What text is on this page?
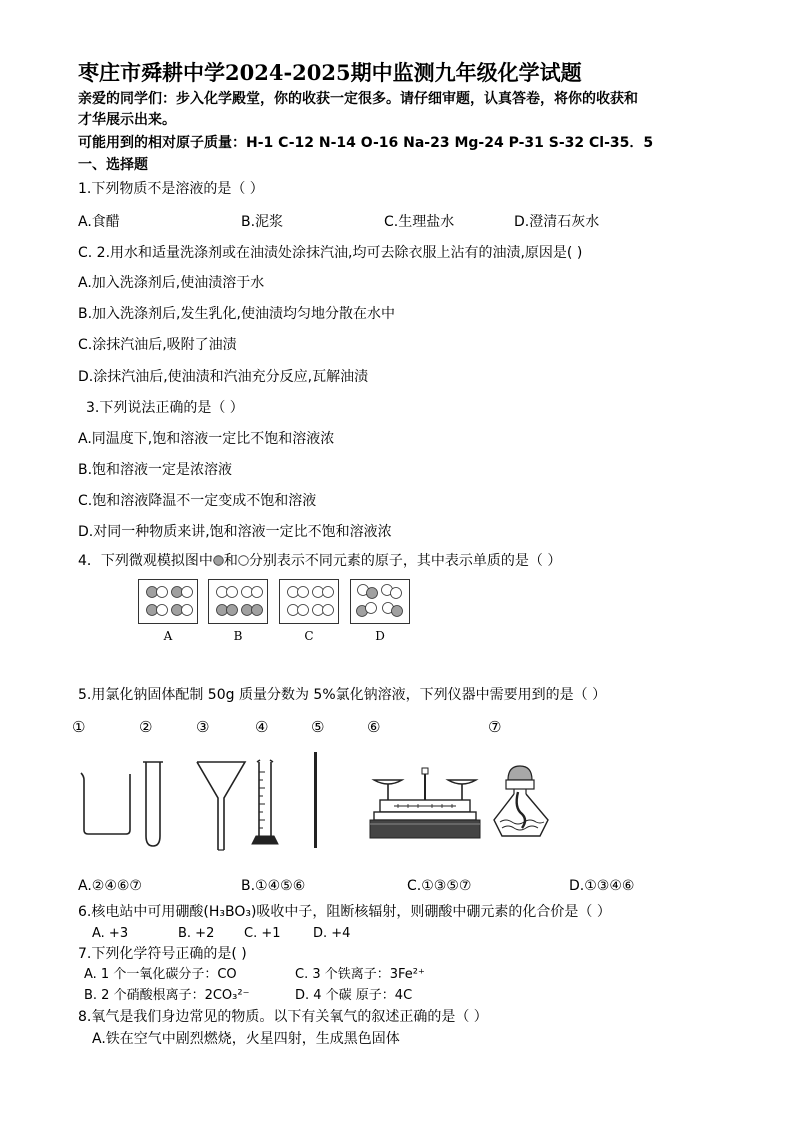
枣庄市舜耕中学2024-2025期中监测九年级化学试题
亲爱的同学们：步入化学殿堂，你的收获一定很多。请仔细审题，认真答卷，将你的收获和
才华展示出来。
可能用到的相对原子质量：H-1 C-12 N-14 O-16 Na-23 Mg-24 P-31 S-32 Cl-35．5
一、选择题
1.下列物质不是溶液的是（ ）
A.食醋	B.泥浆	C.生理盐水	D.澄清石灰水
C. 2.用水和适量洗涤剂或在油渍处涂抹汽油,均可去除衣服上沾有的油渍,原因是( )
A.加入洗涤剂后,使油渍溶于水
B.加入洗涤剂后,发生乳化,使油渍均匀地分散在水中
C.涂抹汽油后,吸附了油渍
D.涂抹汽油后,使油渍和汽油充分反应,瓦解油渍
3.下列说法正确的是（ ）
A.同温度下,饱和溶液一定比不饱和溶液浓
B.饱和溶液一定是浓溶液
C.饱和溶液降温不一定变成不饱和溶液
D.对同一种物质来讲,饱和溶液一定比不饱和溶液浓
4．下列微观模拟图中 和 分别表示不同元素的原子，其中表示单质的是（ ）
A	B	C	D
5.用氯化钠固体配制 50g 质量分数为 5%氯化钠溶液，下列仪器中需要用到的是（ ）
①	②	③	④	⑤	⑥	⑦
A.②④⑥⑦	B.①④⑤⑥	C.①③⑤⑦	D.①③④⑥
6.核电站中可用硼酸(H₃BO₃)吸收中子，阻断核辐射，则硼酸中硼元素的化合价是（ ）
A. +3	B. +2 C. +1 D. +4
7.下列化学符号正确的是( )
A. 1 个一氧化碳分子：CO	C. 3 个铁离子：3Fe²⁺
B. 2 个硝酸根离子：2CO₃²⁻	D. 4 个碳 原子：4C
8.氧气是我们身边常见的物质。以下有关氧气的叙述正确的是（ ）
A.铁在空气中剧烈燃烧，火星四射，生成黑色固体
